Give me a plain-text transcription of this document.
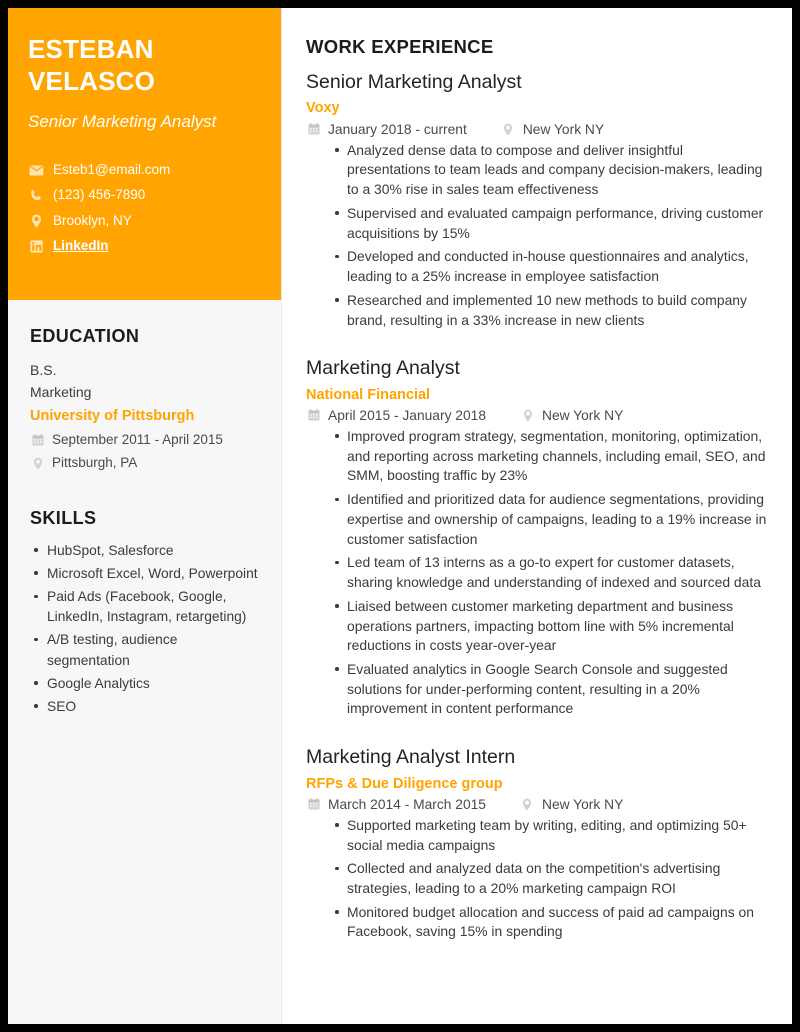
ESTEBAN VELASCO
Senior Marketing Analyst
Esteb1@email.com
(123) 456-7890
Brooklyn, NY
LinkedIn
EDUCATION
B.S.
Marketing
University of Pittsburgh
September 2011 - April 2015
Pittsburgh, PA
SKILLS
HubSpot, Salesforce
Microsoft Excel, Word, Powerpoint
Paid Ads (Facebook, Google, LinkedIn, Instagram, retargeting)
A/B testing, audience segmentation
Google Analytics
SEO
WORK EXPERIENCE
Senior Marketing Analyst
Voxy
January 2018 - current	New York NY
Analyzed dense data to compose and deliver insightful presentations to team leads and company decision-makers, leading to a 30% rise in sales team effectiveness
Supervised and evaluated campaign performance, driving customer acquisitions by 15%
Developed and conducted in-house questionnaires and analytics, leading to a 25% increase in employee satisfaction
Researched and implemented 10 new methods to build company brand, resulting in a 33% increase in new clients
Marketing Analyst
National Financial
April 2015 - January 2018	New York NY
Improved program strategy, segmentation, monitoring, optimization, and reporting across marketing channels, including email, SEO, and SMM, boosting traffic by 23%
Identified and prioritized data for audience segmentations, providing expertise and ownership of campaigns, leading to a 19% increase in customer satisfaction
Led team of 13 interns as a go-to expert for customer datasets, sharing knowledge and understanding of indexed and sourced data
Liaised between customer marketing department and business operations partners, impacting bottom line with 5% incremental reductions in costs year-over-year
Evaluated analytics in Google Search Console and suggested solutions for under-performing content, resulting in a 20% improvement in content performance
Marketing Analyst Intern
RFPs & Due Diligence group
March 2014 - March 2015	New York NY
Supported marketing team by writing, editing, and optimizing 50+ social media campaigns
Collected and analyzed data on the competition's advertising strategies, leading to a 20% marketing campaign ROI
Monitored budget allocation and success of paid ad campaigns on Facebook, saving 15% in spending
